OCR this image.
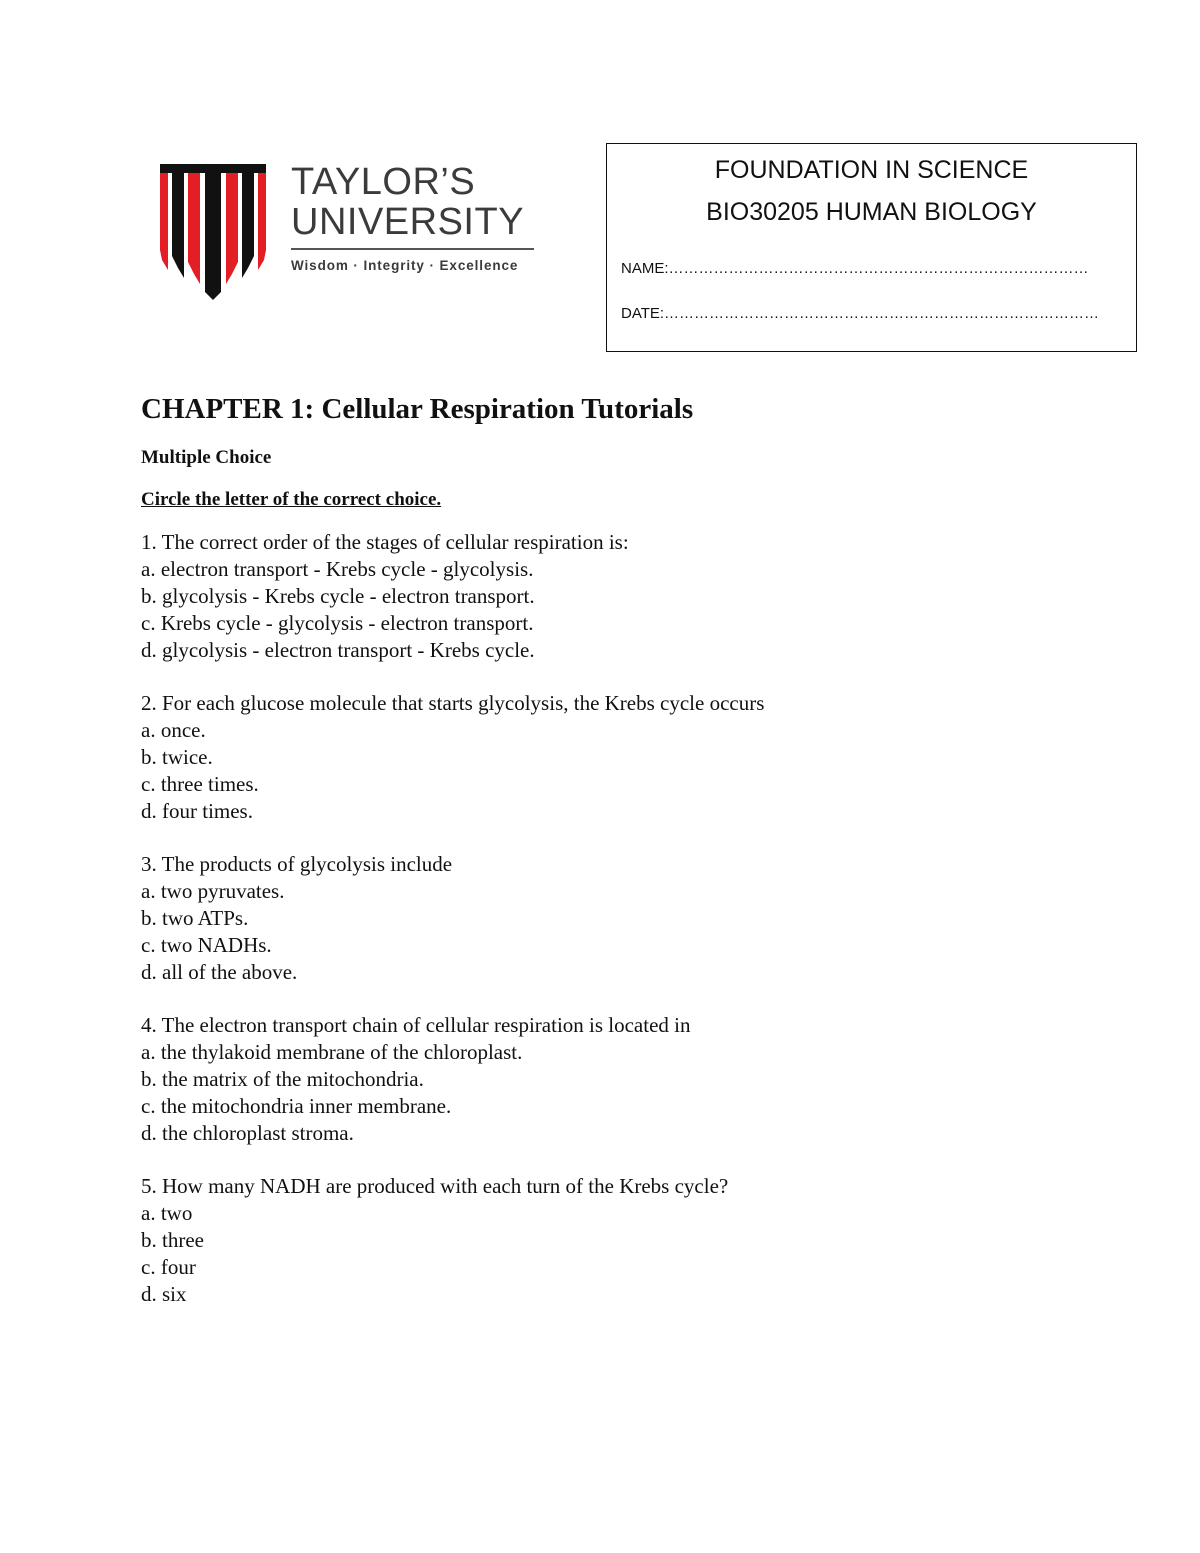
TAYLOR’S
UNIVERSITY
Wisdom · Integrity · Excellence
FOUNDATION IN SCIENCE
BIO30205 HUMAN BIOLOGY
NAME:…………………………………………………………………………
DATE:……………………………………………………………………………
CHAPTER 1: Cellular Respiration Tutorials
Multiple Choice
Circle the letter of the correct choice.
1. The correct order of the stages of cellular respiration is:
a. electron transport - Krebs cycle - glycolysis.
b. glycolysis - Krebs cycle - electron transport.
c. Krebs cycle - glycolysis - electron transport.
d. glycolysis - electron transport - Krebs cycle.
2. For each glucose molecule that starts glycolysis, the Krebs cycle occurs
a. once.
b. twice.
c. three times.
d. four times.
3. The products of glycolysis include
a. two pyruvates.
b. two ATPs.
c. two NADHs.
d. all of the above.
4. The electron transport chain of cellular respiration is located in
a. the thylakoid membrane of the chloroplast.
b. the matrix of the mitochondria.
c. the mitochondria inner membrane.
d. the chloroplast stroma.
5. How many NADH are produced with each turn of the Krebs cycle?
a. two
b. three
c. four
d. six
